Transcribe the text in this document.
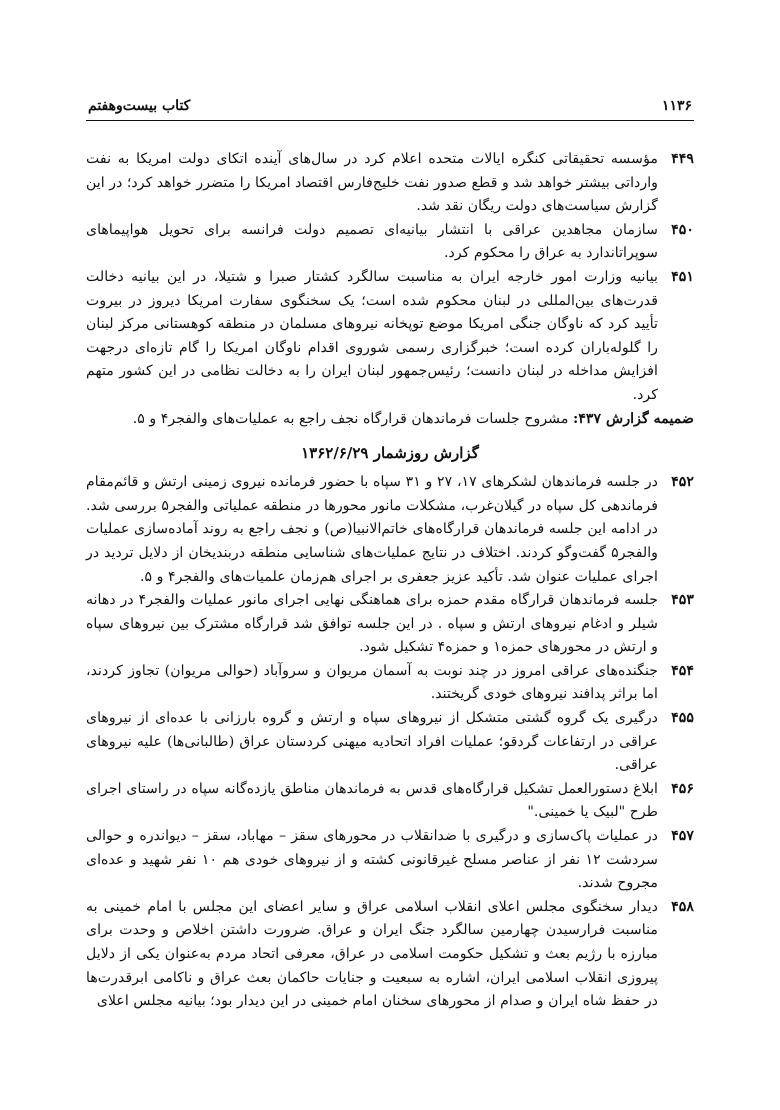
۱۱۳۶
کتاب بیست‌وهفتم
۴۴۹
مؤسسه تحقیقاتی کنگره ایالات متحده اعلام کرد در سال‌های آینده اتکای دولت امریکا به نفت وارداتی بیشتر خواهد شد و قطع صدور نفت خلیج‌فارس اقتصاد امریکا را متضرر خواهد کرد؛ در این گزارش سیاست‌های دولت ریگان نقد شد.
۴۵۰
سازمان مجاهدین عراقی با انتشار بیانیه‌ای تصمیم دولت فرانسه برای تحویل هواپیماهای سوپراتاندارد به عراق را محکوم کرد.
۴۵۱
بیانیه وزارت امور خارجه ایران به مناسبت سالگرد کشتار صبرا و شتیلا، در این بیانیه دخالت قدرت‌های بین‌المللی در لبنان محکوم شده است؛ یک سخنگوی سفارت امریکا دیروز در بیروت تأیید کرد که ناوگان جنگی امریکا موضع توپخانه نیروهای مسلمان در منطقه کوهستانی مرکز لبنان را گلوله‌باران کرده است؛ خبرگزاری رسمی شوروی اقدام ناوگان امریکا را گام تازه‌ای درجهت افزایش مداخله در لبنان دانست؛ رئیس‌جمهور لبنان ایران را به دخالت نظامی در این کشور متهم کرد.

ضمیمه گزارش ۴۳۷: مشروح جلسات فرماندهان قرارگاه نجف راجع به عملیات‌های والفجر۴ و ۵.

گزارش روزشمار ۱۳۶۲/۶/۲۹
۴۵۲
در جلسه فرماندهان لشکرهای ۱۷، ۲۷ و ۳۱ سپاه با حضور فرمانده نیروی زمینی ارتش و قائم‌مقام فرماندهی کل سپاه در گیلان‌غرب، مشکلات مانور محورها در منطقه عملیاتی والفجر۵ بررسی شد. در ادامه این جلسه فرماندهان قرارگاه‌های خاتم‌الانبیا(ص) و نجف راجع به روند آماده‌سازی عملیات والفجر۵ گفت‌وگو کردند. اختلاف در نتایج عملیات‌های شناسایی منطقه دربندیخان از دلایل تردید در اجرای عملیات عنوان شد. تأکید عزیز جعفری بر اجرای هم‌زمان علمیات‌های والفجر۴ و ۵.
۴۵۳
جلسه فرماندهان قرارگاه مقدم حمزه برای هماهنگی نهایی اجرای مانور عملیات والفجر۴ در دهانه شیلر و ادغام نیروهای ارتش و سپاه . در این جلسه توافق شد قرارگاه مشترک بین نیروهای سپاه و ارتش در محورهای حمزه۱ و حمزه۴ تشکیل شود.
۴۵۴
جنگنده‌های عراقی امروز در چند نوبت به آسمان مریوان و سروآباد (حوالی مریوان) تجاوز کردند، اما براثر پدافند نیروهای خودی گریختند.
۴۵۵
درگیری یک گروه گشتی متشکل از نیروهای سپاه و ارتش و گروه بارزانی با عده‌ای از نیروهای عراقی در ارتفاعات گردقو؛ عملیات افراد اتحادیه میهنی کردستان عراق (طالبانی‌ها) علیه نیروهای عراقی.
۴۵۶
ابلاغ دستورالعمل تشکیل قرارگاه‌های قدس به فرماندهان مناطق یازده‌گانه سپاه در راستای اجرای طرح "لبیک یا خمینی."
۴۵۷
در عملیات پاک‌سازی و درگیری با ضدانقلاب در محورهای سقز – مهاباد، سقز – دیواندره و حوالی سردشت ۱۲ نفر از عناصر مسلح غیرقانونی کشته و از نیروهای خودی هم ۱۰ نفر شهید و عده‌ای مجروح شدند.
۴۵۸
دیدار سخنگوی مجلس اعلای انقلاب اسلامی عراق و سایر اعضای این مجلس با امام خمینی به مناسبت فرارسیدن چهارمین سالگرد جنگ ایران و عراق. ضرورت داشتن اخلاص و وحدت برای مبارزه با رژیم بعث و تشکیل حکومت اسلامی در عراق، معرفی اتحاد مردم به‌عنوان یکی از دلایل پیروزی انقلاب اسلامی ایران، اشاره به سبعیت و جنایات حاکمان بعث عراق و ناکامی ابرقدرت‌ها در حفظ شاه ایران و صدام از محورهای سخنان امام خمینی در این دیدار بود؛ بیانیه مجلس اعلای
